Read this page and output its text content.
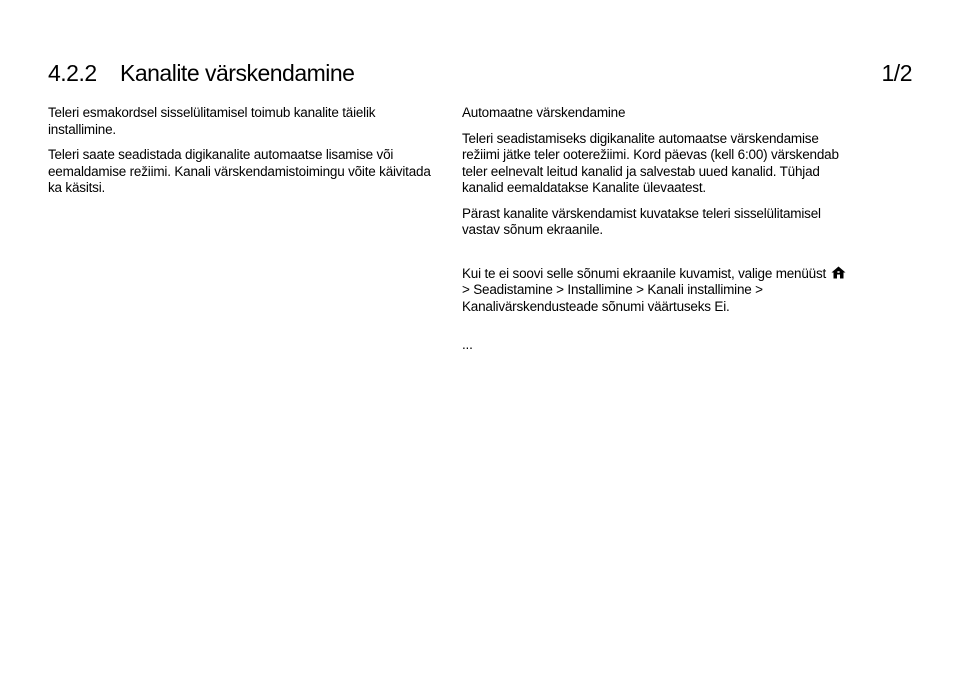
4.2.2 Kanalite värskendamine	1/2

Teleri esmakordsel sisselülitamisel toimub kanalite täielik installimine.

Teleri saate seadistada digikanalite automaatse lisamise või eemaldamise režiimi. Kanali värskendamistoimingu võite käivitada ka käsitsi.

Automaatne värskendamine

Teleri seadistamiseks digikanalite automaatse värskendamise režiimi jätke teler ooterežiimi. Kord päevas (kell 6:00) värskendab teler eelnevalt leitud kanalid ja salvestab uued kanalid. Tühjad kanalid eemaldatakse Kanalite ülevaatest.

Pärast kanalite värskendamist kuvatakse teleri sisselülitamisel vastav sõnum ekraanile.

Kui te ei soovi selle sõnumi ekraanile kuvamist, valige menüüst  > Seadistamine > Installimine > Kanali installimine > Kanalivärskendusteade sõnumi väärtuseks Ei.

...
